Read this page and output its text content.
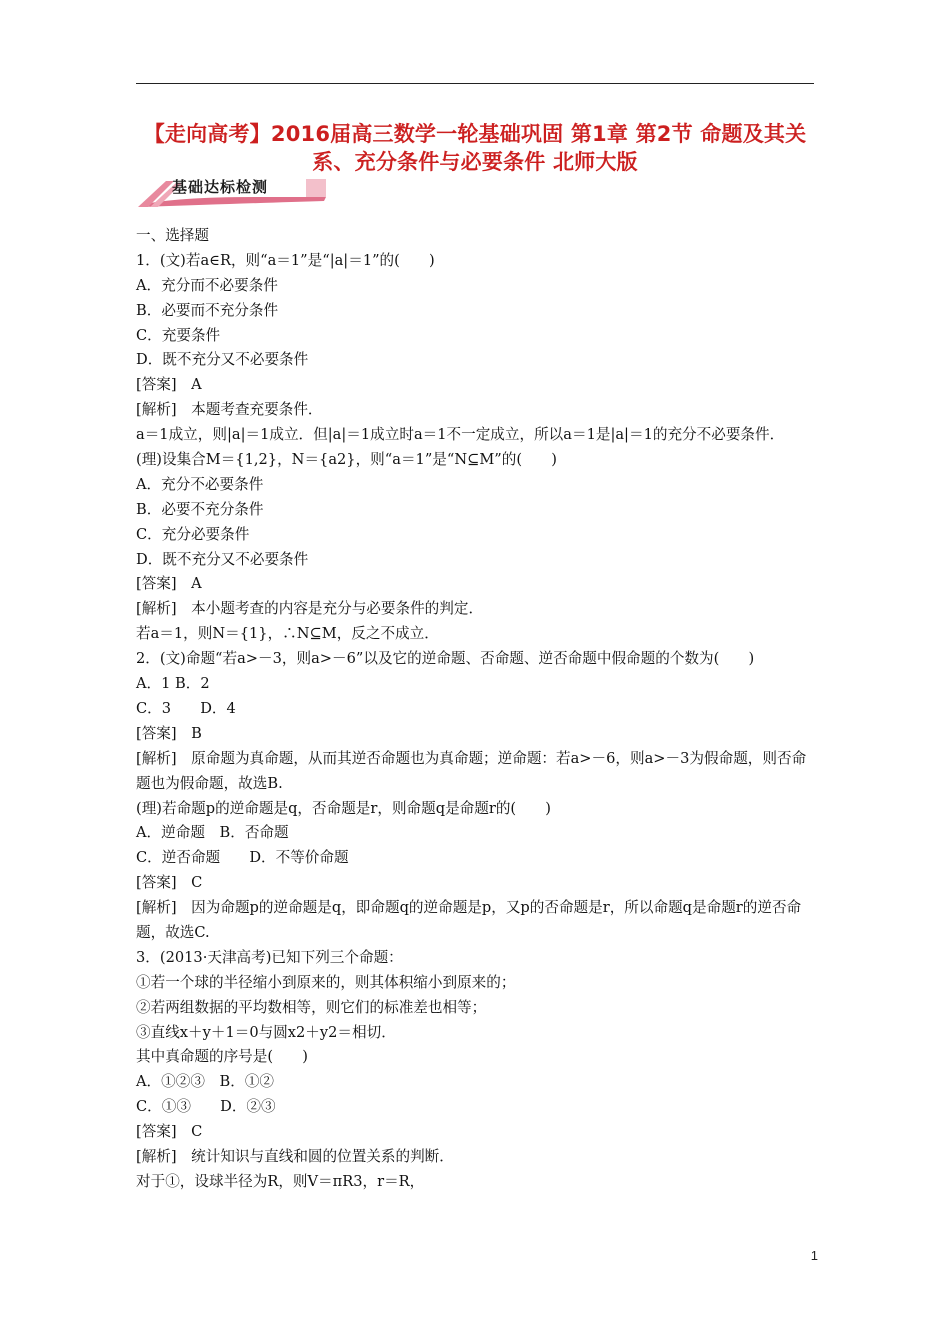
【走向高考】2016届高三数学一轮基础巩固 第1章 第2节 命题及其关系、充分条件与必要条件 北师大版
基础达标检测
一、选择题
1．(文)若a∈R，则“a＝1”是“|a|＝1”的(　　)
A．充分而不必要条件
B．必要而不充分条件
C．充要条件
D．既不充分又不必要条件
[答案]　A
[解析]　本题考查充要条件．
a＝1成立，则|a|＝1成立．但|a|＝1成立时a＝1不一定成立，所以a＝1是|a|＝1的充分不必要条件．
(理)设集合M＝{1,2}，N＝{a2}，则“a＝1”是“N⊆M”的(　　)
A．充分不必要条件
B．必要不充分条件
C．充分必要条件
D．既不充分又不必要条件
[答案]　A
[解析]　本小题考查的内容是充分与必要条件的判定．
若a＝1，则N＝{1}，∴N⊆M，反之不成立．
2．(文)命题“若a>－3，则a>－6”以及它的逆命题、否命题、逆否命题中假命题的个数为(　　)
A．1 B．2
C．3　　D．4
[答案]　B
[解析]　原命题为真命题，从而其逆否命题也为真命题；逆命题：若a>－6，则a>－3为假命题，则否命题也为假命题，故选B.
(理)若命题p的逆命题是q，否命题是r，则命题q是命题r的(　　)
A．逆命题　B．否命题
C．逆否命题　　D．不等价命题
[答案]　C
[解析]　因为命题p的逆命题是q，即命题q的逆命题是p，又p的否命题是r，所以命题q是命题r的逆否命题，故选C.
3．(2013·天津高考)已知下列三个命题：
①若一个球的半径缩小到原来的，则其体积缩小到原来的；
②若两组数据的平均数相等，则它们的标准差也相等；
③直线x＋y＋1＝0与圆x2＋y2＝相切．
其中真命题的序号是(　　)
A．①②③　B．①②
C．①③　　D．②③
[答案]　C
[解析]　统计知识与直线和圆的位置关系的判断．
对于①，设球半径为R，则V＝πR3，r＝R，
1
